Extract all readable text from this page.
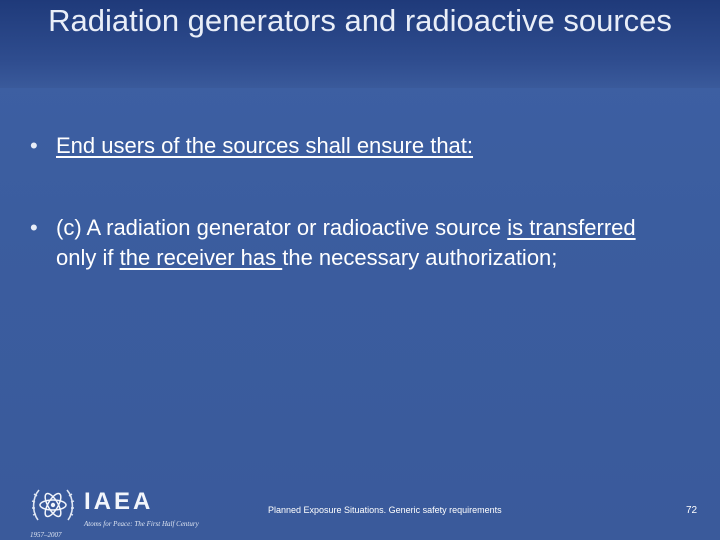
Radiation generators and radioactive sources
• End users of the sources shall ensure that:
• (c) A radiation generator or radioactive source is transferred only if the receiver has the necessary authorization;
IAEA
Atoms for Peace: The First Half Century
1957–2007
Planned Exposure Situations. Generic safety requirements	72
